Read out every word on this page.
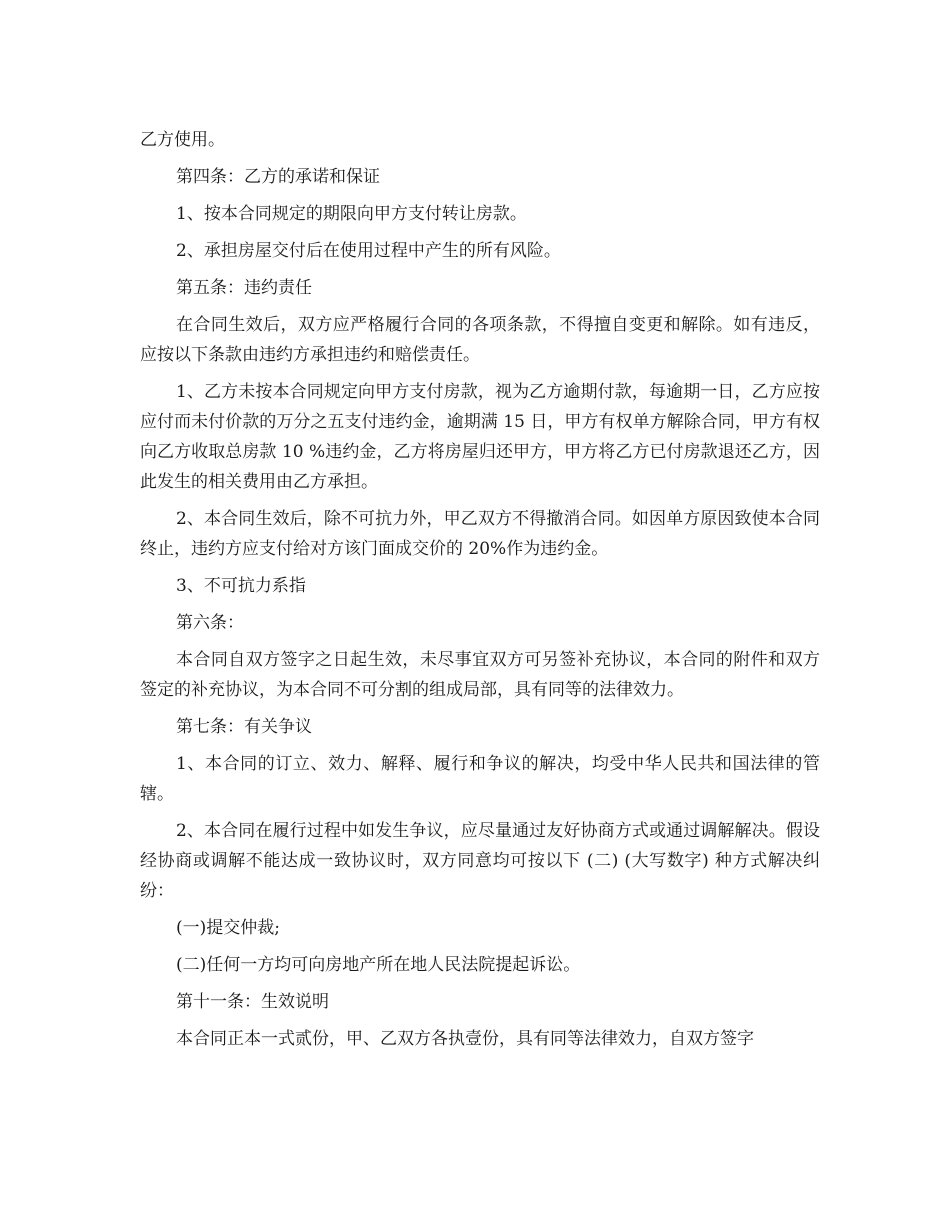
乙方使用。

第四条：乙方的承诺和保证

1、按本合同规定的期限向甲方支付转让房款。

2、承担房屋交付后在使用过程中产生的所有风险。

第五条：违约责任

在合同生效后，双方应严格履行合同的各项条款，不得擅自变更和解除。如有违反，应按以下条款由违约方承担违约和赔偿责任。

1、乙方未按本合同规定向甲方支付房款，视为乙方逾期付款，每逾期一日，乙方应按应付而未付价款的万分之五支付违约金，逾期满 15 日，甲方有权单方解除合同，甲方有权向乙方收取总房款 10 %违约金，乙方将房屋归还甲方，甲方将乙方已付房款退还乙方，因此发生的相关费用由乙方承担。

2、本合同生效后，除不可抗力外，甲乙双方不得撤消合同。如因单方原因致使本合同终止，违约方应支付给对方该门面成交价的 20%作为违约金。

3、不可抗力系指

第六条：

本合同自双方签字之日起生效，未尽事宜双方可另签补充协议，本合同的附件和双方签定的补充协议，为本合同不可分割的组成局部，具有同等的法律效力。

第七条：有关争议

1、本合同的订立、效力、解释、履行和争议的解决，均受中华人民共和国法律的管辖。

2、本合同在履行过程中如发生争议，应尽量通过友好协商方式或通过调解解决。假设经协商或调解不能达成一致协议时，双方同意均可按以下 (二) (大写数字) 种方式解决纠纷：

(一)提交仲裁;

(二)任何一方均可向房地产所在地人民法院提起诉讼。

第十一条：生效说明

本合同正本一式贰份，甲、乙双方各执壹份，具有同等法律效力，自双方签字
